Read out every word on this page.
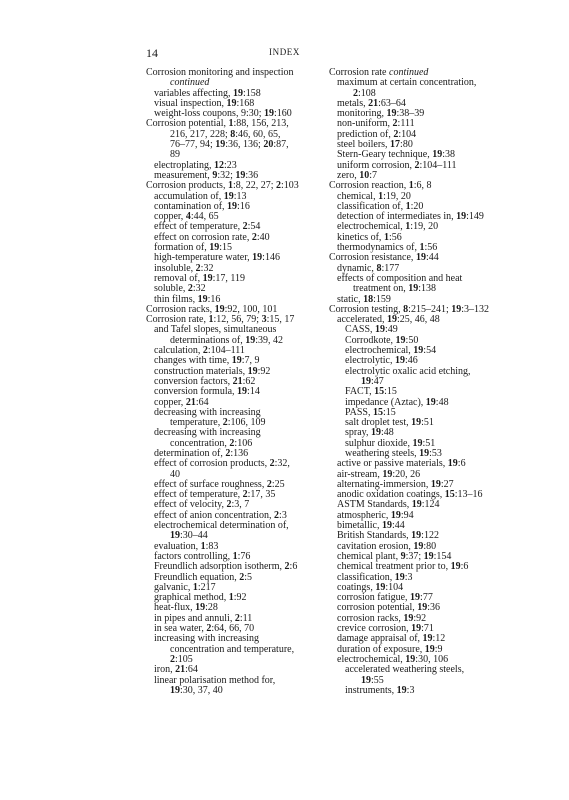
14	INDEX
Corrosion monitoring and inspection
continued
variables affecting, 19:158
visual inspection, 19:168
weight-loss coupons, 9:30; 19:160
Corrosion potential, 1:88, 156, 213,
216, 217, 228; 8:46, 60, 65,
76–77, 94; 19:36, 136; 20:87,
89
electroplating, 12:23
measurement, 9:32; 19:36
Corrosion products, 1:8, 22, 27; 2:103
accumulation of, 19:13
contamination of, 19:16
copper, 4:44, 65
effect of temperature, 2:54
effect on corrosion rate, 2:40
formation of, 19:15
high-temperature water, 19:146
insoluble, 2:32
removal of, 19:17, 119
soluble, 2:32
thin films, 19:16
Corrosion racks, 19:92, 100, 101
Corrosion rate, 1:12, 56, 79; 3:15, 17
and Tafel slopes, simultaneous
determinations of, 19:39, 42
calculation, 2:104–111
changes with time, 19:7, 9
construction materials, 19:92
conversion factors, 21:62
conversion formula, 19:14
copper, 21:64
decreasing with increasing
temperature, 2:106, 109
decreasing with increasing
concentration, 2:106
determination of, 2:136
effect of corrosion products, 2:32,
40
effect of surface roughness, 2:25
effect of temperature, 2:17, 35
effect of velocity, 2:3, 7
effect of anion concentration, 2:3
electrochemical determination of,
19:30–44
evaluation, 1:83
factors controlling, 1:76
Freundlich adsorption isotherm, 2:6
Freundlich equation, 2:5
galvanic, 1:217
graphical method, 1:92
heat-flux, 19:28
in pipes and annuli, 2:11
in sea water, 2:64, 66, 70
increasing with increasing
concentration and temperature,
2:105
iron, 21:64
linear polarisation method for,
19:30, 37, 40
Corrosion rate continued
maximum at certain concentration,
2:108
metals, 21:63–64
monitoring, 19:38–39
non-uniform, 2:111
prediction of, 2:104
steel boilers, 17:80
Stern-Geary technique, 19:38
uniform corrosion, 2:104–111
zero, 10:7
Corrosion reaction, 1:6, 8
chemical, 1:19, 20
classification of, 1:20
detection of intermediates in, 19:149
electrochemical, 1:19, 20
kinetics of, 1:56
thermodynamics of, 1:56
Corrosion resistance, 19:44
dynamic, 8:177
effects of composition and heat
treatment on, 19:138
static, 18:159
Corrosion testing, 8:215–241; 19:3–132
accelerated, 19:25, 46, 48
CASS, 19:49
Corrodkote, 19:50
electrochemical, 19:54
electrolytic, 19:46
electrolytic oxalic acid etching,
19:47
FACT, 15:15
impedance (Aztac), 19:48
PASS, 15:15
salt droplet test, 19:51
spray, 19:48
sulphur dioxide, 19:51
weathering steels, 19:53
active or passive materials, 19:6
air-stream, 19:20, 26
alternating-immersion, 19:27
anodic oxidation coatings, 15:13–16
ASTM Standards, 19:124
atmospheric, 19:94
bimetallic, 19:44
British Standards, 19:122
cavitation erosion, 19:80
chemical plant, 9:37; 19:154
chemical treatment prior to, 19:6
classification, 19:3
coatings, 19:104
corrosion fatigue, 19:77
corrosion potential, 19:36
corrosion racks, 19:92
crevice corrosion, 19:71
damage appraisal of, 19:12
duration of exposure, 19:9
electrochemical, 19:30, 106
accelerated weathering steels,
19:55
instruments, 19:3
